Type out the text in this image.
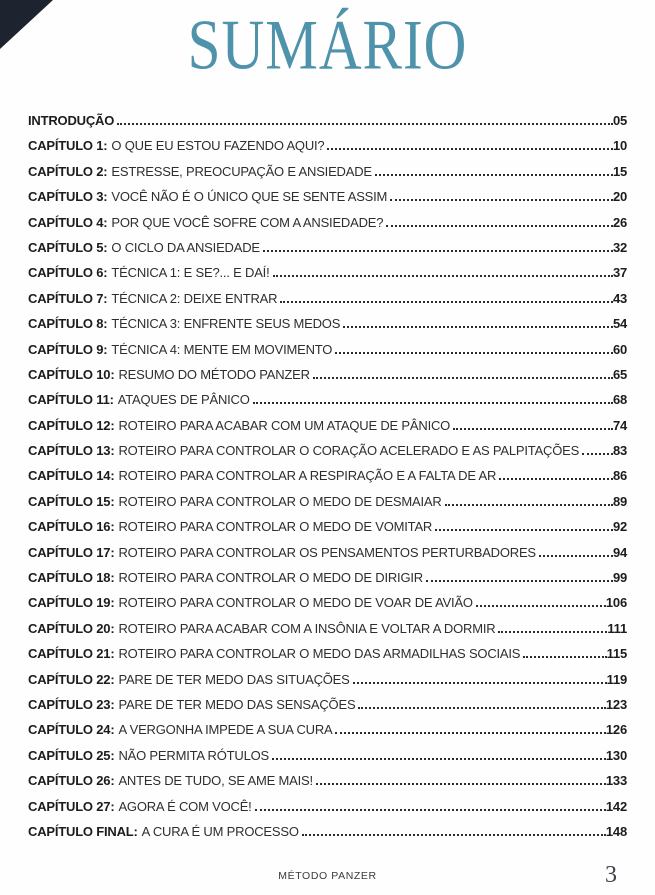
SUMÁRIO
INTRODUÇÃO	05
CAPÍTULO 1: O QUE EU ESTOU FAZENDO AQUI?	10
CAPÍTULO 2: ESTRESSE, PREOCUPAÇÃO E ANSIEDADE	15
CAPÍTULO 3: VOCÊ NÃO É O ÚNICO QUE SE SENTE ASSIM	20
CAPÍTULO 4: POR QUE VOCÊ SOFRE COM A ANSIEDADE?	26
CAPÍTULO 5: O CICLO DA ANSIEDADE	32
CAPÍTULO 6: TÉCNICA 1: E SE?... E DAÍ!	37
CAPÍTULO 7: TÉCNICA 2: DEIXE ENTRAR	43
CAPÍTULO 8: TÉCNICA 3: ENFRENTE SEUS MEDOS	54
CAPÍTULO 9: TÉCNICA 4: MENTE EM MOVIMENTO	60
CAPÍTULO 10: RESUMO DO MÉTODO PANZER	65
CAPÍTULO 11: ATAQUES DE PÂNICO	68
CAPÍTULO 12: ROTEIRO PARA ACABAR COM UM ATAQUE DE PÂNICO	74
CAPÍTULO 13: ROTEIRO PARA CONTROLAR O CORAÇÃO ACELERADO E AS PALPITAÇÕES	83
CAPÍTULO 14: ROTEIRO PARA CONTROLAR A RESPIRAÇÃO E A FALTA DE AR	86
CAPÍTULO 15: ROTEIRO PARA CONTROLAR O MEDO DE DESMAIAR	89
CAPÍTULO 16: ROTEIRO PARA CONTROLAR O MEDO DE VOMITAR	92
CAPÍTULO 17: ROTEIRO PARA CONTROLAR OS PENSAMENTOS PERTURBADORES	94
CAPÍTULO 18: ROTEIRO PARA CONTROLAR O MEDO DE DIRIGIR	99
CAPÍTULO 19: ROTEIRO PARA CONTROLAR O MEDO DE VOAR DE AVIÃO	106
CAPÍTULO 20: ROTEIRO PARA ACABAR COM A INSÔNIA E VOLTAR A DORMIR	111
CAPÍTULO 21: ROTEIRO PARA CONTROLAR O MEDO DAS ARMADILHAS SOCIAIS	115
CAPÍTULO 22: PARE DE TER MEDO DAS SITUAÇÕES	119
CAPÍTULO 23: PARE DE TER MEDO DAS SENSAÇÕES	123
CAPÍTULO 24: A VERGONHA IMPEDE A SUA CURA	126
CAPÍTULO 25: NÃO PERMITA RÓTULOS	130
CAPÍTULO 26: ANTES DE TUDO, SE AME MAIS!	133
CAPÍTULO 27: AGORA É COM VOCÊ!	142
CAPÍTULO FINAL: A CURA É UM PROCESSO	148
MÉTODO PANZER	3
